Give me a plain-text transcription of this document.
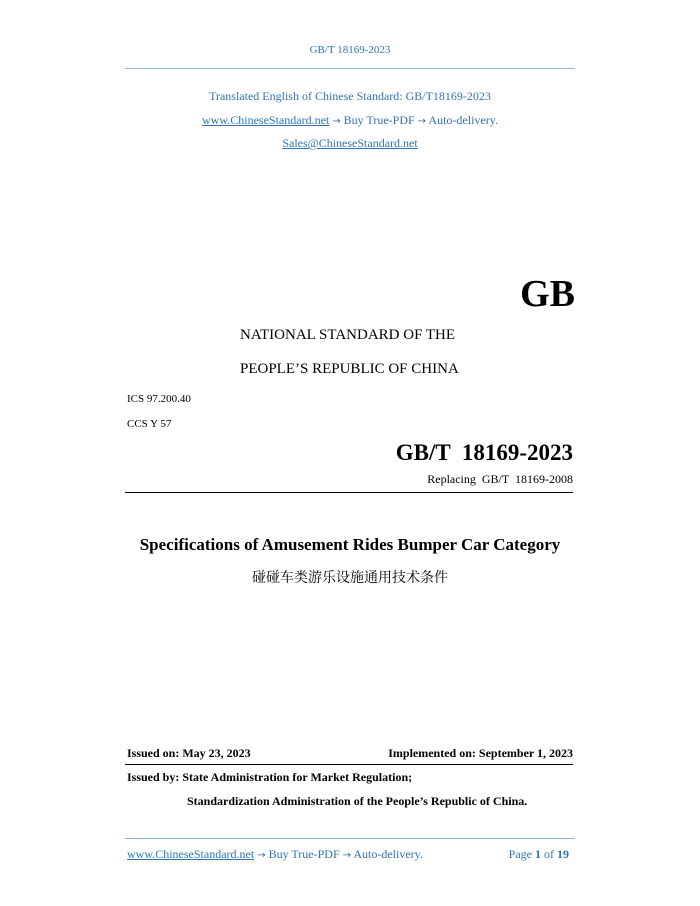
GB/T 18169-2023
Translated English of Chinese Standard: GB/T18169-2023
www.ChineseStandard.net → Buy True-PDF → Auto-delivery.
Sales@ChineseStandard.net
GB
NATIONAL STANDARD OF THE
PEOPLE’S REPUBLIC OF CHINA
ICS 97.200.40
CCS Y 57
GB/T  18169-2023
Replacing  GB/T  18169-2008
Specifications of Amusement Rides Bumper Car Category
碰碰车类游乐设施通用技术条件
Issued on: May 23, 2023	Implemented on: September 1, 2023
Issued by: State Administration for Market Regulation;
Standardization Administration of the People’s Republic of China.
www.ChineseStandard.net → Buy True-PDF → Auto-delivery.	Page 1 of 19
